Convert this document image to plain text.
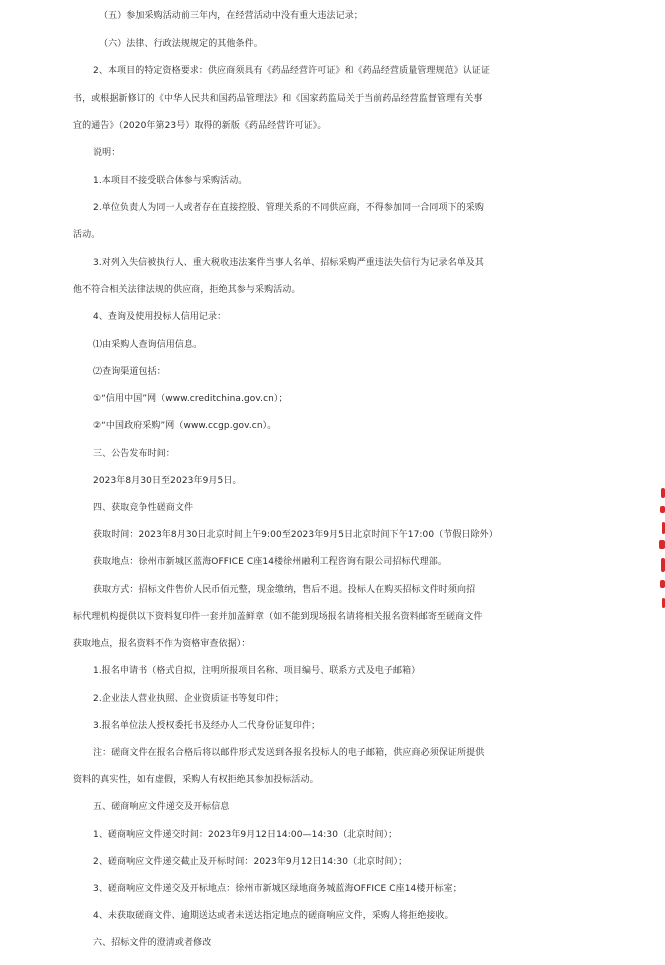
（五）参加采购活动前三年内，在经营活动中没有重大违法记录；
（六）法律、行政法规规定的其他条件。
2、本项目的特定资格要求：供应商须具有《药品经营许可证》和《药品经营质量管理规范》认证证
书，或根据新修订的《中华人民共和国药品管理法》和《国家药监局关于当前药品经营监督管理有关事
宜的通告》（2020年第23号）取得的新版《药品经营许可证》。
说明：
1.本项目不接受联合体参与采购活动。
2.单位负责人为同一人或者存在直接控股、管理关系的不同供应商，不得参加同一合同项下的采购
活动。
3.对列入失信被执行人、重大税收违法案件当事人名单、招标采购严重违法失信行为记录名单及其
他不符合相关法律法规的供应商，拒绝其参与采购活动。
4、查询及使用投标人信用记录：
⑴由采购人查询信用信息。
⑵查询渠道包括：
①“信用中国”网（www.creditchina.gov.cn）；
②“中国政府采购”网（www.ccgp.gov.cn）。
三、公告发布时间：
2023年8月30日至2023年9月5日。
四、获取竞争性磋商文件
获取时间：2023年8月30日北京时间上午9:00至2023年9月5日北京时间下午17:00（节假日除外）
获取地点：徐州市新城区蓝海OFFICE C座14楼徐州融利工程咨询有限公司招标代理部。
获取方式：招标文件售价人民币佰元整，现金缴纳，售后不退。投标人在购买招标文件时须向招
标代理机构提供以下资料复印件一套并加盖鲜章（如不能到现场报名请将相关报名资料邮寄至磋商文件
获取地点，报名资料不作为资格审查依据）：
1.报名申请书（格式自拟，注明所报项目名称、项目编号、联系方式及电子邮箱）
2.企业法人营业执照、企业资质证书等复印件；
3.报名单位法人授权委托书及经办人二代身份证复印件；
注：磋商文件在报名合格后将以邮件形式发送到各报名投标人的电子邮箱，供应商必须保证所提供
资料的真实性，如有虚假，采购人有权拒绝其参加投标活动。
五、磋商响应文件递交及开标信息
1、磋商响应文件递交时间：2023年9月12日14:00—14:30（北京时间）；
2、磋商响应文件递交截止及开标时间：2023年9月12日14:30（北京时间）；
3、磋商响应文件递交及开标地点：徐州市新城区绿地商务城蓝海OFFICE C座14楼开标室；
4、未获取磋商文件、逾期送达或者未送达指定地点的磋商响应文件，采购人将拒绝接收。
六、招标文件的澄清或者修改
